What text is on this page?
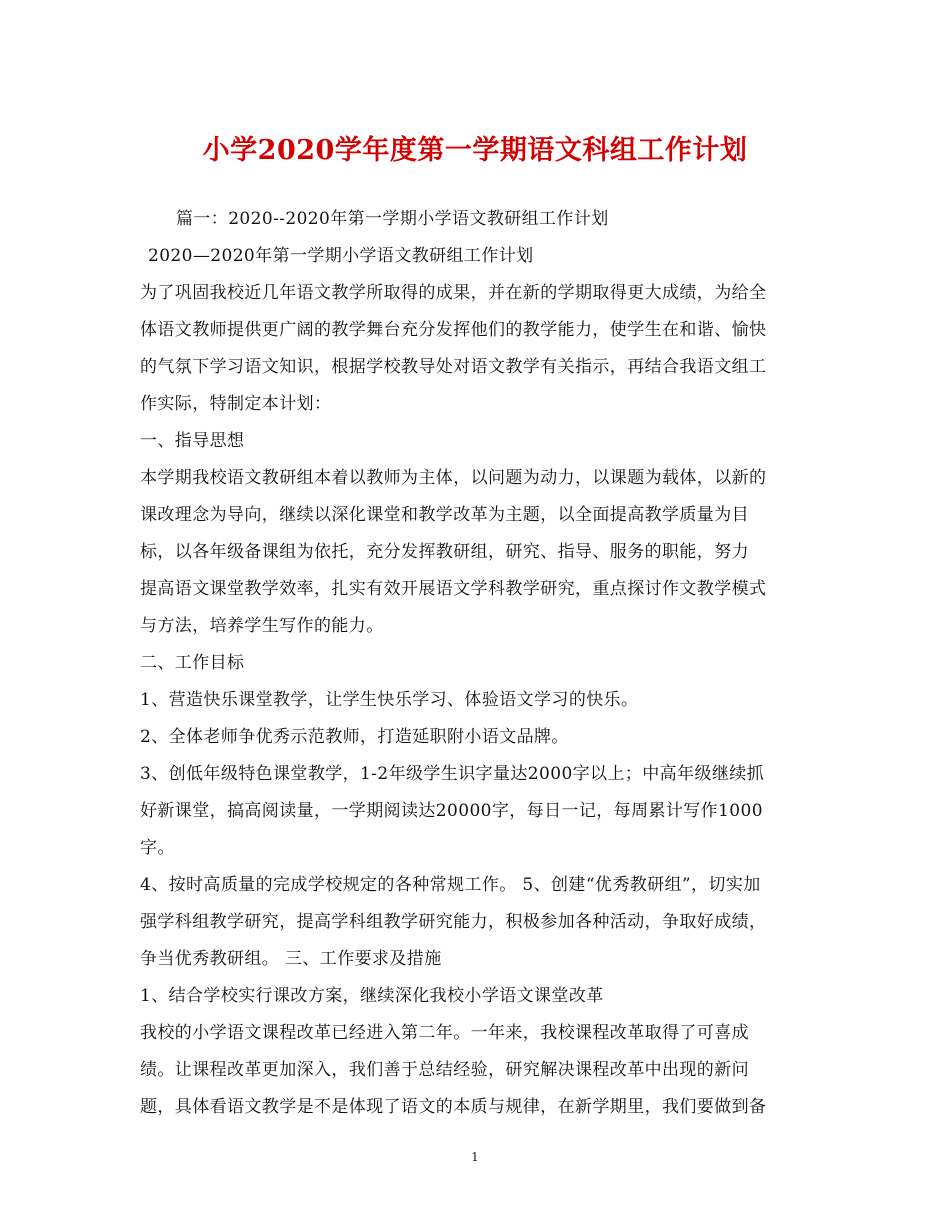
小学2020学年度第一学期语文科组工作计划
篇一：2020--2020年第一学期小学语文教研组工作计划
2020—2020年第一学期小学语文教研组工作计划
为了巩固我校近几年语文教学所取得的成果，并在新的学期取得更大成绩，为给全
体语文教师提供更广阔的教学舞台充分发挥他们的教学能力，使学生在和谐、愉快
的气氛下学习语文知识，根据学校教导处对语文教学有关指示，再结合我语文组工
作实际，特制定本计划：
一、指导思想
本学期我校语文教研组本着以教师为主体，以问题为动力，以课题为载体，以新的
课改理念为导向，继续以深化课堂和教学改革为主题，以全面提高教学质量为目
标，以各年级备课组为依托，充分发挥教研组，研究、指导、服务的职能，努力
提高语文课堂教学效率，扎实有效开展语文学科教学研究，重点探讨作文教学模式
与方法，培养学生写作的能力。
二、工作目标
1、营造快乐课堂教学，让学生快乐学习、体验语文学习的快乐。
2、全体老师争优秀示范教师，打造延职附小语文品牌。
3、创低年级特色课堂教学，1-2年级学生识字量达2000字以上；中高年级继续抓
好新课堂，搞高阅读量，一学期阅读达20000字，每日一记，每周累计写作1000
字。
4、按时高质量的完成学校规定的各种常规工作。 5、创建“优秀教研组”，切实加
强学科组教学研究，提高学科组教学研究能力，积极参加各种活动，争取好成绩，
争当优秀教研组。 三、工作要求及措施
1、结合学校实行课改方案，继续深化我校小学语文课堂改革
我校的小学语文课程改革已经进入第二年。一年来，我校课程改革取得了可喜成
绩。让课程改革更加深入，我们善于总结经验，研究解决课程改革中出现的新问
题，具体看语文教学是不是体现了语文的本质与规律，在新学期里，我们要做到备
1
